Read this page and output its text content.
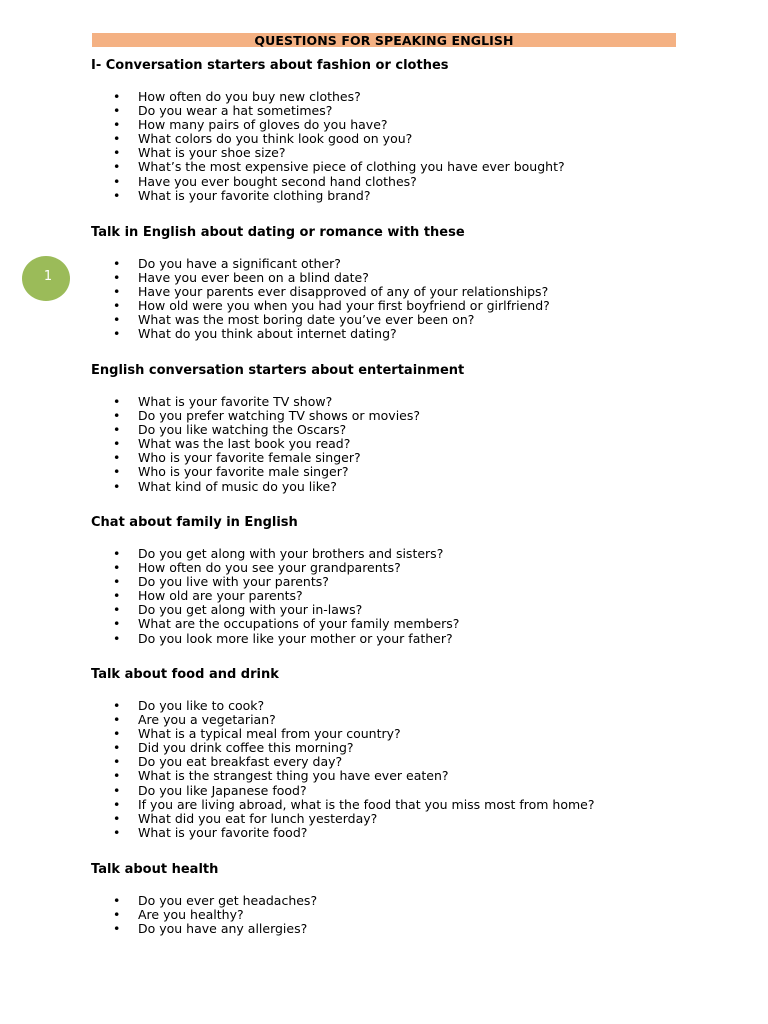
QUESTIONS FOR SPEAKING ENGLISH
1
I- Conversation starters about fashion or clothes
• How often do you buy new clothes?
• Do you wear a hat sometimes?
• How many pairs of gloves do you have?
• What colors do you think look good on you?
• What is your shoe size?
• What’s the most expensive piece of clothing you have ever bought?
• Have you ever bought second hand clothes?
• What is your favorite clothing brand?
Talk in English about dating or romance with these
• Do you have a significant other?
• Have you ever been on a blind date?
• Have your parents ever disapproved of any of your relationships?
• How old were you when you had your first boyfriend or girlfriend?
• What was the most boring date you’ve ever been on?
• What do you think about internet dating?
English conversation starters about entertainment
• What is your favorite TV show?
• Do you prefer watching TV shows or movies?
• Do you like watching the Oscars?
• What was the last book you read?
• Who is your favorite female singer?
• Who is your favorite male singer?
• What kind of music do you like?
Chat about family in English
• Do you get along with your brothers and sisters?
• How often do you see your grandparents?
• Do you live with your parents?
• How old are your parents?
• Do you get along with your in-laws?
• What are the occupations of your family members?
• Do you look more like your mother or your father?
Talk about food and drink
• Do you like to cook?
• Are you a vegetarian?
• What is a typical meal from your country?
• Did you drink coffee this morning?
• Do you eat breakfast every day?
• What is the strangest thing you have ever eaten?
• Do you like Japanese food?
• If you are living abroad, what is the food that you miss most from home?
• What did you eat for lunch yesterday?
• What is your favorite food?
Talk about health
• Do you ever get headaches?
• Are you healthy?
• Do you have any allergies?
